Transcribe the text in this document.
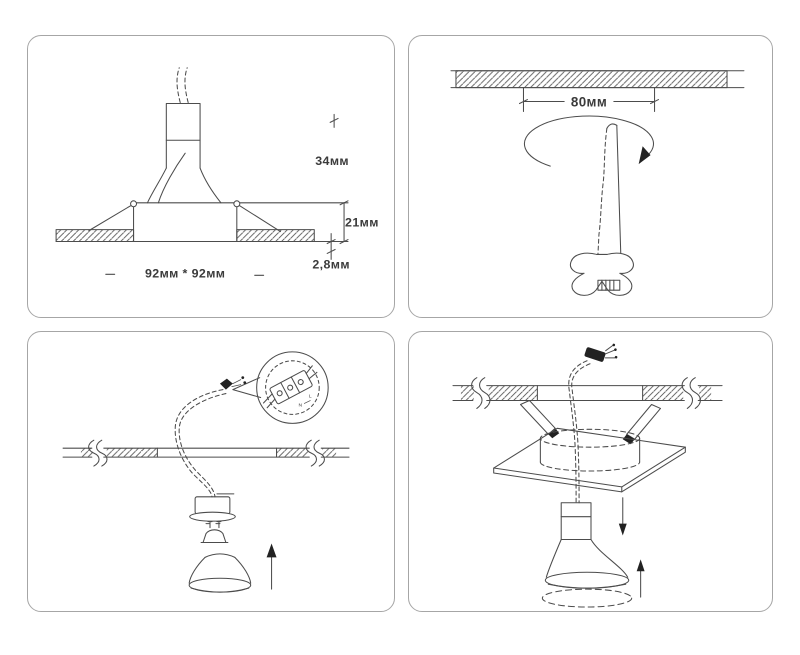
34мм
21мм
2,8мм
92мм * 92мм
80мм
N
L
